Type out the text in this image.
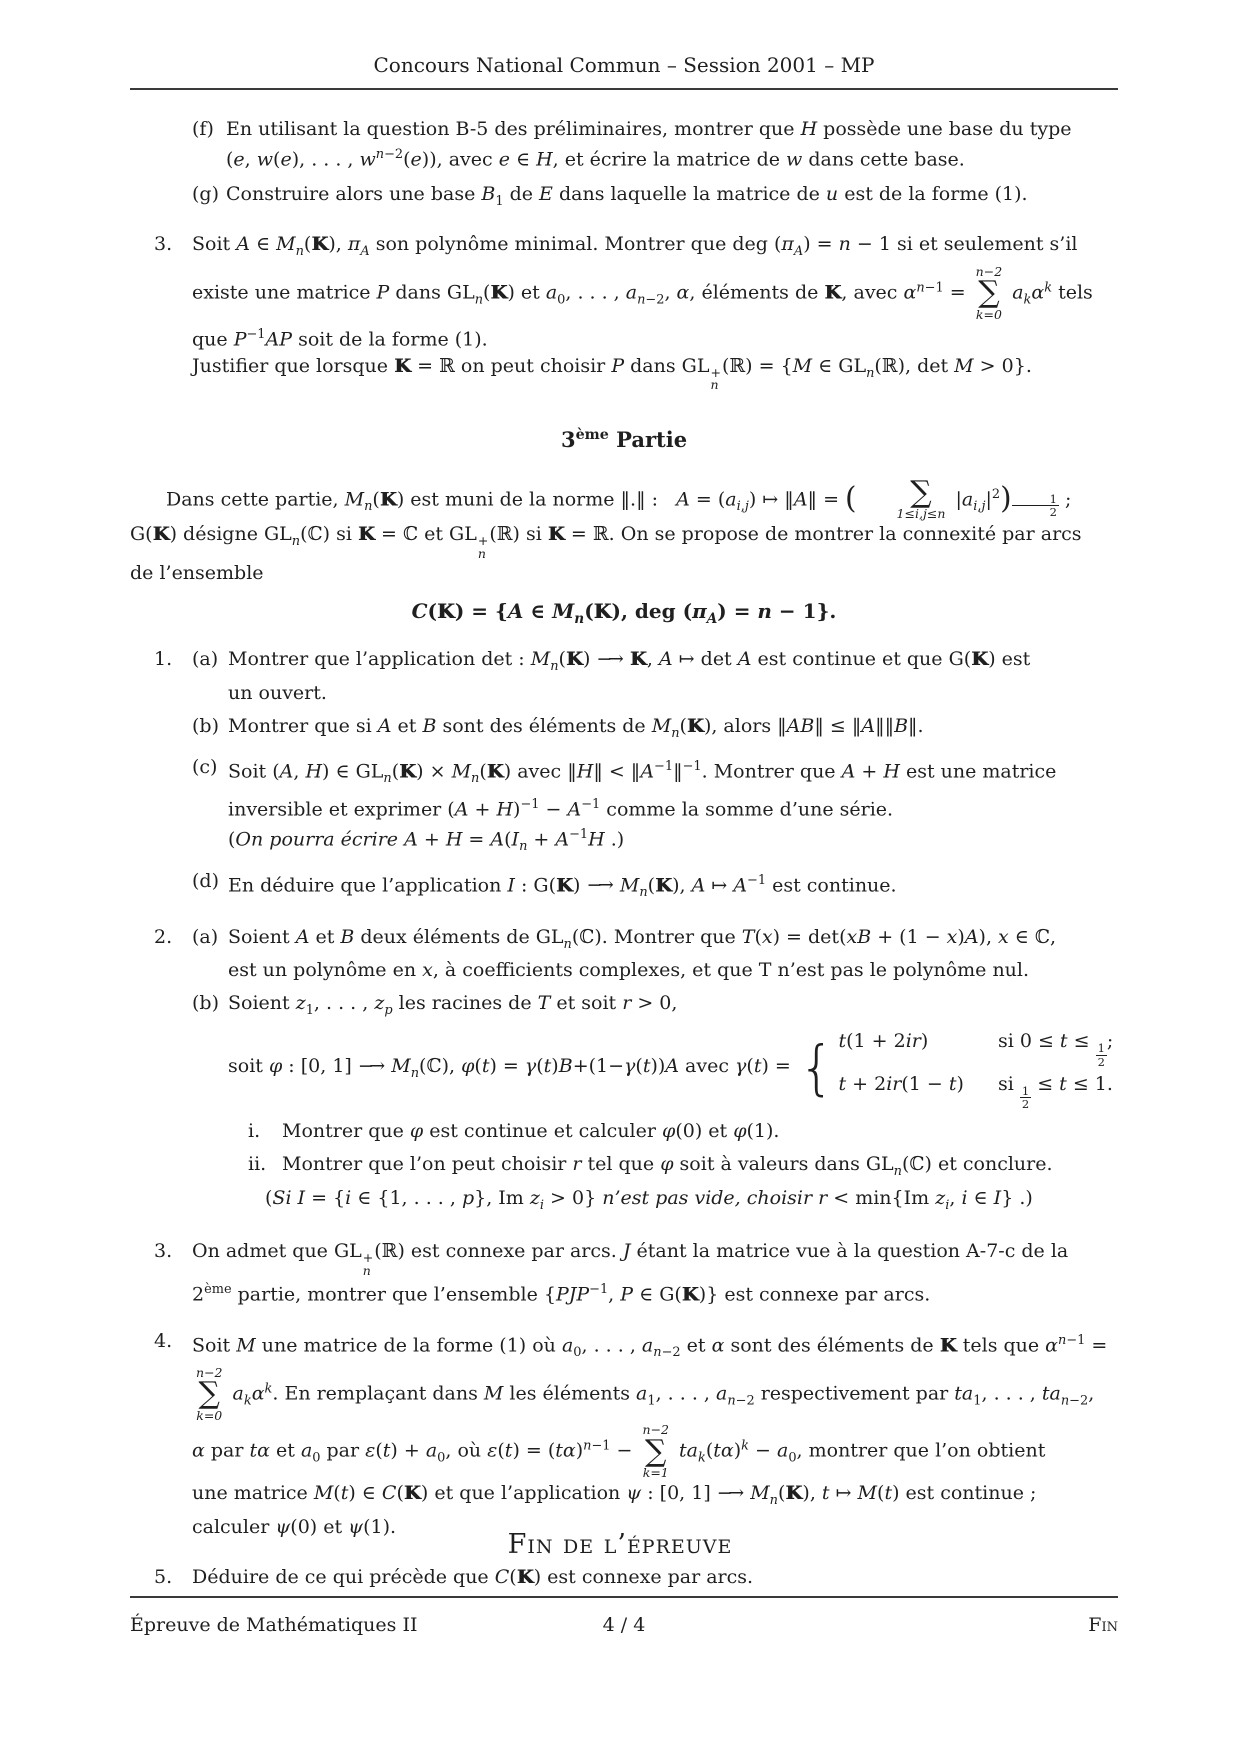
Concours National Commun – Session 2001 – MP
(f) En utilisant la question B-5 des préliminaires, montrer que H possède une base du type

(e, w(e), . . . , $w^{n-2}(e)$), avec e ∈ H, et écrire la matrice de w dans cette base.

(g) Construire alors une base $B_1$ de E dans laquelle la matrice de u est de la forme (1).

3.	Soit A ∈ $M_n(K)$, $\pi_A$ son polynôme minimal. Montrer que deg $(\pi_A) = n - 1$ si et seulement s’il

existe une matrice P dans $GL_n(K)$ et $a_0$, . . . , $a_{n-2}$, α, éléments de K, avec $\alpha^{n-1}$ =
n−2
∑
k=0
$a_k\alpha^k$ tels

que $P^{-1}AP$ soit de la forme (1).

Justifier que lorsque K = ℝ on peut choisir P dans GL +
n
(ℝ) = {M ∈ $GL_n(ℝ)$, det M > 0}.

3ème Partie

Dans cette partie, $M_n(K)$ est muni de la norme ‖.‖ :   $A = (a_{i,j})$ ↦ ‖A‖ = (	∑
1≤i,j≤n
$|a_{i,j}|^2$) $^{\frac{1}{2}}$ ;

G(K) désigne $GL_n(ℂ)$ si K = ℂ et GL +
n
(ℝ) si K = ℝ. On se propose de montrer la connexité par arcs

de l’ensemble

C(K) = {A ∈ $M_n(K)$, deg $(\pi_A) = n - 1$}.
1.	(a) Montrer que l’application det : $M_n(K) -\to K$, A ↦ det A est continue et que G(K) est

un ouvert.

(b) Montrer que si A et B sont des éléments de $M_n(K)$, alors ‖AB‖ ≤ ‖A‖‖B‖.

(c) Soit (A, H) ∈ $GL_n(K) \times M_n(K)$ avec ‖H‖ < $‖A^{-1}‖^{-1}$. Montrer que A + H est une matrice

inversible et exprimer $(A + H)^{-1} - A^{-1}$ comme la somme d’une série.

(On pourra écrire $A + H = A(I_n + A^{-1}H$ .)

(d) En déduire que l’application I : $G(K) -\to M_n(K)$, A ↦ $A^{-1}$ est continue.

2.	(a) Soient A et B deux éléments de $GL_n(ℂ)$. Montrer que T(x) = det(xB + (1 − x)A), x ∈ ℂ,

est un polynôme en x, à coefficients complexes, et que T n’est pas le polynôme nul.

(b) Soient $z_1$, . . . , $z_p$ les racines de T et soit r > 0,

soit φ : [0, $1] -\to M_n(ℂ)$, φ(t) = γ(t)B+(1−γ(t))A avec γ(t) = { t(1 + 2ir)	si 0 ≤ t ≤
$\frac{1}{2}$
;
t + 2ir(1 − t) si
$\frac{1}{2}$
≤ t ≤ 1.
i.	Montrer que φ est continue et calculer φ(0) et φ(1).

ii. Montrer que l’on peut choisir r tel que φ soit à valeurs dans $GL_n(ℂ)$ et conclure.

(Si I = {i ∈ {1, . . . , p}, Im $z_i > 0$} n’est pas vide, choisir r < min{Im $z_i$, i ∈ I} .)

3.	On admet que GL +
n
(ℝ) est connexe par arcs. J étant la matrice vue à la question A-7-c de la

2ème partie, montrer que l’ensemble {$PJP^{-1}$, P ∈ G(K)} est connexe par arcs.

4.	Soit M une matrice de la forme (1) où $a_0$, . . . , $a_{n-2}$ et α sont des éléments de K tels que $\alpha^{n-1}$ =

n−2
∑
k=0
$a_k\alpha^k$. En remplaçant dans M les éléments $a_1$, . . . , $a_{n-2}$ respectivement par $ta_1$, . . . , $ta_{n-2}$,

α par tα et $a_0$ par $\varepsilon(t) + a_0$, où $\varepsilon(t) = (t\alpha)^{n-1}$ −
n−2
∑
k=1
$ta_k(t\alpha)^k - a_0$, montrer que l’on obtient

une matrice M(t) ∈ C(K) et que l’application ψ : [0, $1] -\to M_n(K)$, t ↦ M(t) est continue ;

calculer ψ(0) et ψ(1).

5.	Déduire de ce qui précède que C(K) est connexe par arcs.

Fin de l’épreuve
Épreuve de Mathématiques II	4 / 4	Fin
